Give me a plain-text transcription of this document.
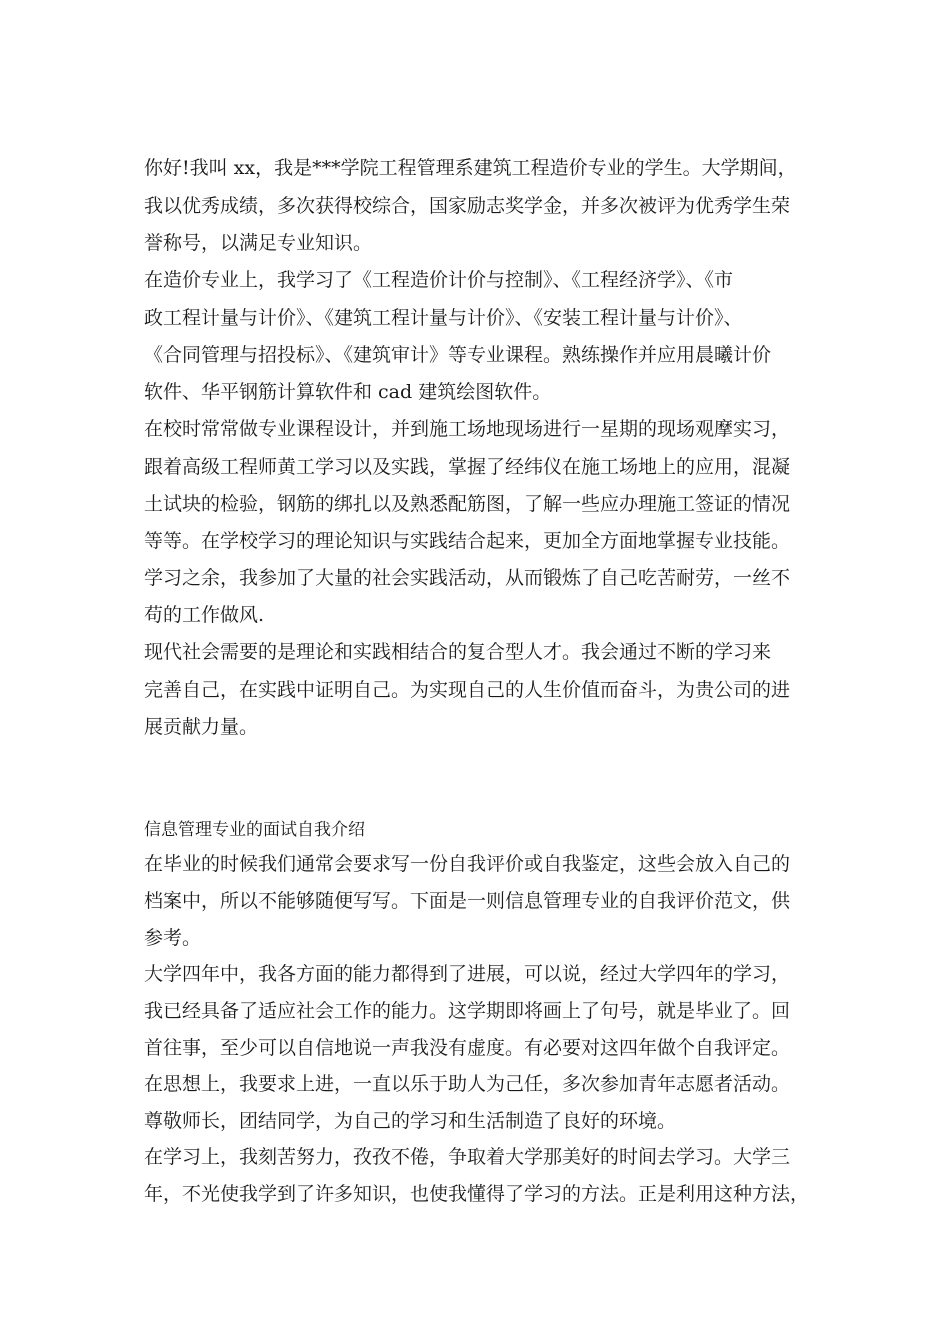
你好!我叫 xx，我是***学院工程管理系建筑工程造价专业的学生。大学期间，
我以优秀成绩，多次获得校综合，国家励志奖学金，并多次被评为优秀学生荣
誉称号，以满足专业知识。
在造价专业上，我学习了《工程造价计价与控制》、《工程经济学》、《市
政工程计量与计价》、《建筑工程计量与计价》、《安装工程计量与计价》、
《合同管理与招投标》、《建筑审计》等专业课程。熟练操作并应用晨曦计价
软件、华平钢筋计算软件和 cad 建筑绘图软件。
在校时常常做专业课程设计，并到施工场地现场进行一星期的现场观摩实习，
跟着高级工程师黄工学习以及实践，掌握了经纬仪在施工场地上的应用，混凝
土试块的检验，钢筋的绑扎以及熟悉配筋图，了解一些应办理施工签证的情况
等等。在学校学习的理论知识与实践结合起来，更加全方面地掌握专业技能。
学习之余，我参加了大量的社会实践活动，从而锻炼了自己吃苦耐劳，一丝不
苟的工作做风.
现代社会需要的是理论和实践相结合的复合型人才。我会通过不断的学习来
完善自己，在实践中证明自己。为实现自己的人生价值而奋斗，为贵公司的进
展贡献力量。
信息管理专业的面试自我介绍
在毕业的时候我们通常会要求写一份自我评价或自我鉴定，这些会放入自己的
档案中，所以不能够随便写写。下面是一则信息管理专业的自我评价范文，供
参考。
大学四年中，我各方面的能力都得到了进展，可以说，经过大学四年的学习，
我已经具备了适应社会工作的能力。这学期即将画上了句号，就是毕业了。回
首往事，至少可以自信地说一声我没有虚度。有必要对这四年做个自我评定。
在思想上，我要求上进，一直以乐于助人为己任，多次参加青年志愿者活动。
尊敬师长，团结同学，为自己的学习和生活制造了良好的环境。
在学习上，我刻苦努力，孜孜不倦，争取着大学那美好的时间去学习。大学三
年，不光使我学到了许多知识，也使我懂得了学习的方法。正是利用这种方法，
